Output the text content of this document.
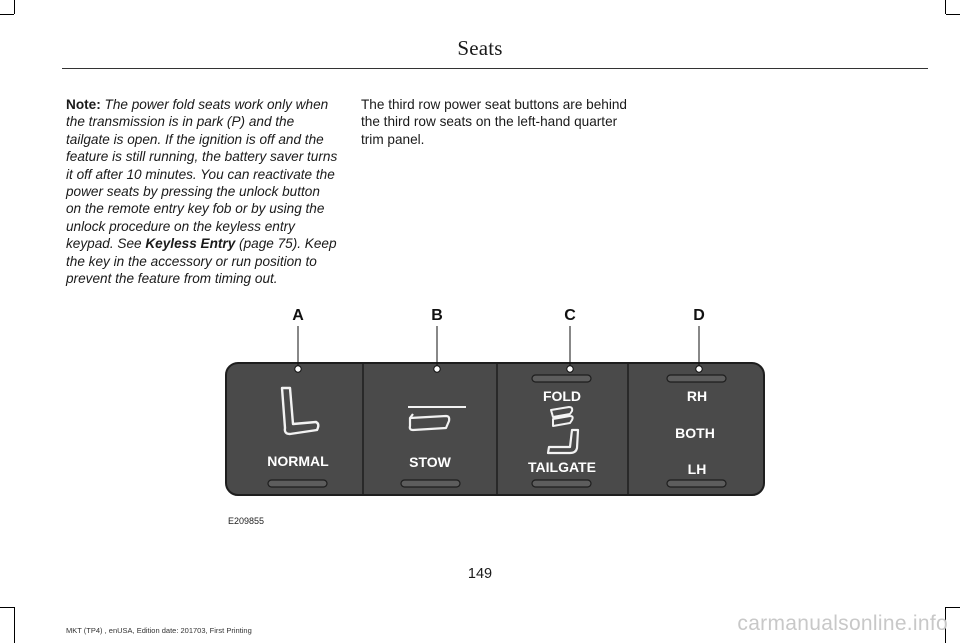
Seats
Note: The power fold seats work only when the transmission is in park (P) and the tailgate is open. If the ignition is off and the feature is still running, the battery saver turns it off after 10 minutes. You can reactivate the power seats by pressing the unlock button on the remote entry key fob or by using the unlock procedure on the keyless entry keypad. See Keyless Entry (page 75). Keep the key in the accessory or run position to prevent the feature from timing out.
The third row power seat buttons are behind the third row seats on the left-hand quarter trim panel.
A	B	C	D
NORMAL	STOW
FOLD
TAILGATE
RH
BOTH
LH
E209855
149
MKT (TP4) , enUSA, Edition date: 201703, First Printing	carmanualsonline.info
